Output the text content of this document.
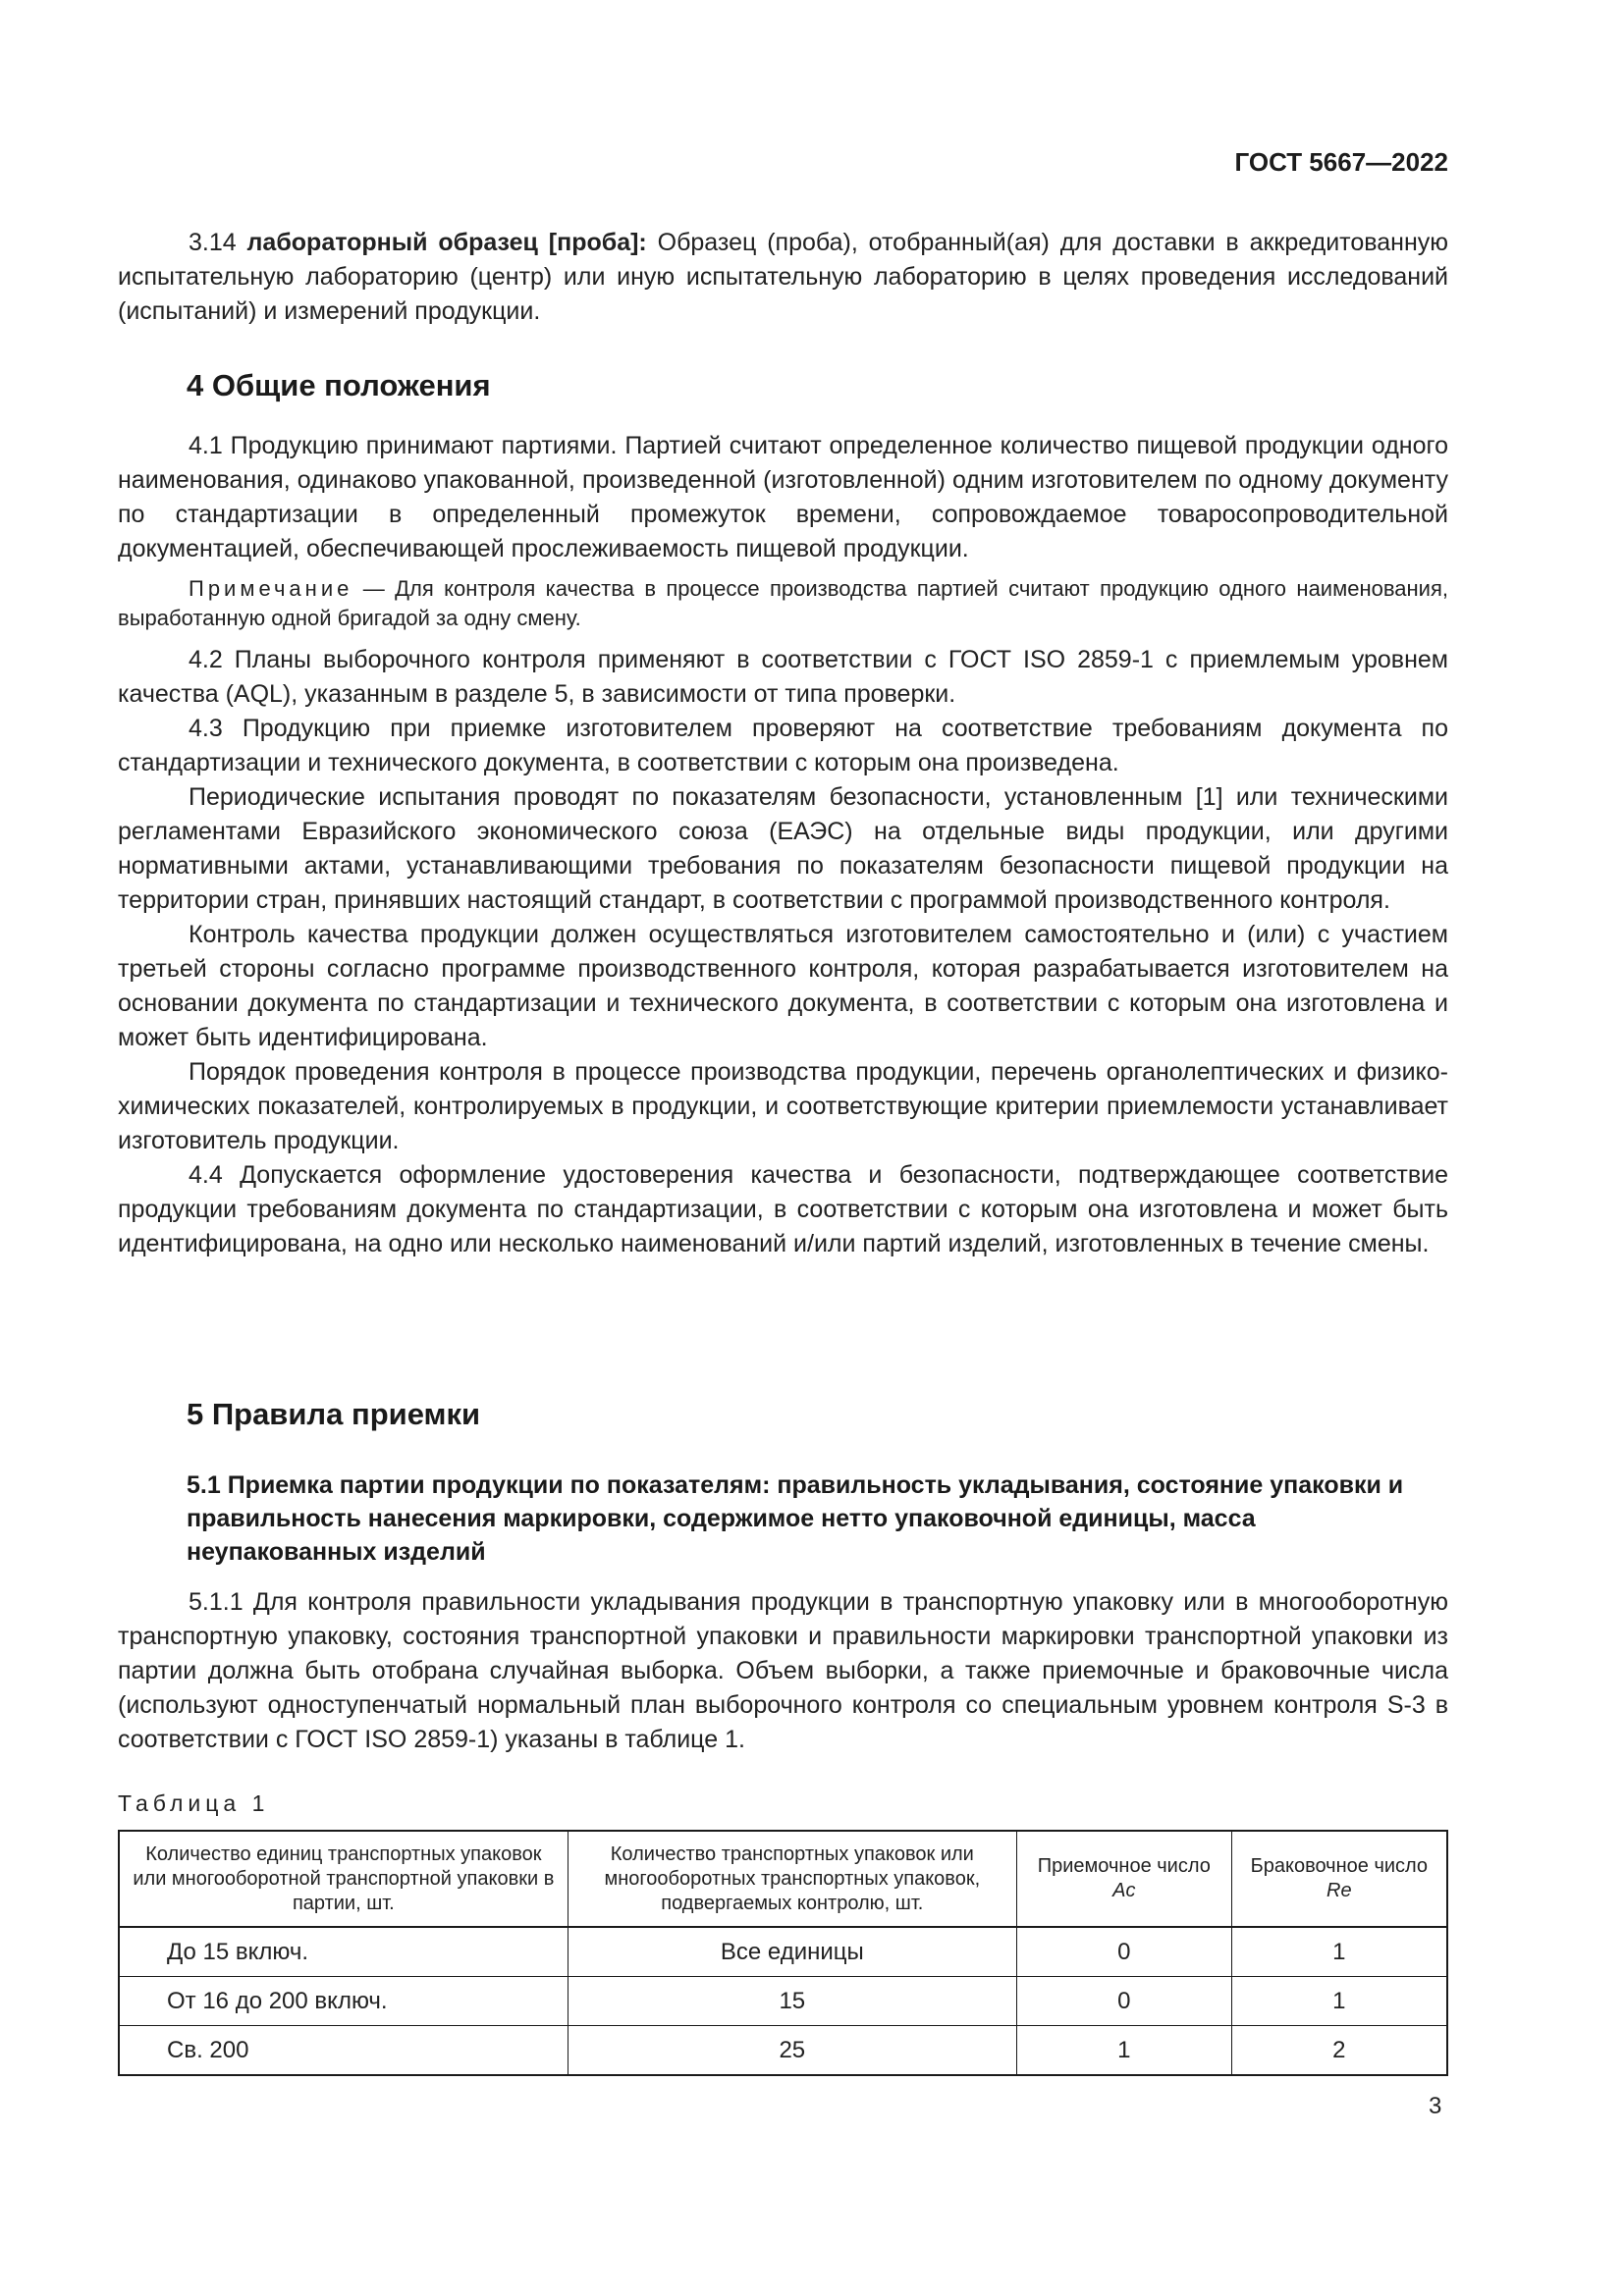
ГОСТ 5667—2022

3.14 лабораторный образец [проба]: Образец (проба), отобранный(ая) для доставки в аккредитованную испытательную лабораторию (центр) или иную испытательную лабораторию в целях проведения исследований (испытаний) и измерений продукции.

4 Общие положения

4.1 Продукцию принимают партиями. Партией считают определенное количество пищевой продукции одного наименования, одинаково упакованной, произведенной (изготовленной) одним изготовителем по одному документу по стандартизации в определенный промежуток времени, сопровождаемое товаросопроводительной документацией, обеспечивающей прослеживаемость пищевой продукции.

Примечание — Для контроля качества в процессе производства партией считают продукцию одного наименования, выработанную одной бригадой за одну смену.

4.2 Планы выборочного контроля применяют в соответствии с ГОСТ ISO 2859-1 с приемлемым уровнем качества (AQL), указанным в разделе 5, в зависимости от типа проверки.

4.3 Продукцию при приемке изготовителем проверяют на соответствие требованиям документа по стандартизации и технического документа, в соответствии с которым она произведена.

Периодические испытания проводят по показателям безопасности, установленным [1] или техническими регламентами Евразийского экономического союза (ЕАЭС) на отдельные виды продукции, или другими нормативными актами, устанавливающими требования по показателям безопасности пищевой продукции на территории стран, принявших настоящий стандарт, в соответствии с программой производственного контроля.

Контроль качества продукции должен осуществляться изготовителем самостоятельно и (или) с участием третьей стороны согласно программе производственного контроля, которая разрабатывается изготовителем на основании документа по стандартизации и технического документа, в соответствии с которым она изготовлена и может быть идентифицирована.

Порядок проведения контроля в процессе производства продукции, перечень органолептических и физико-химических показателей, контролируемых в продукции, и соответствующие критерии приемлемости устанавливает изготовитель продукции.

4.4 Допускается оформление удостоверения качества и безопасности, подтверждающее соответствие продукции требованиям документа по стандартизации, в соответствии с которым она изготовлена и может быть идентифицирована, на одно или несколько наименований и/или партий изделий, изготовленных в течение смены.

5 Правила приемки

5.1 Приемка партии продукции по показателям: правильность укладывания, состояние упаковки и правильность нанесения маркировки, содержимое нетто упаковочной единицы, масса неупакованных изделий

5.1.1 Для контроля правильности укладывания продукции в транспортную упаковку или в многооборотную транспортную упаковку, состояния транспортной упаковки и правильности маркировки транспортной упаковки из партии должна быть отобрана случайная выборка. Объем выборки, а также приемочные и браковочные числа (используют одноступенчатый нормальный план выборочного контроля со специальным уровнем контроля S-3 в соответствии с ГОСТ ISO 2859-1) указаны в таблице 1.

Таблица 1

Количество единиц транспортных упаковок или многооборотной транспортной упаковки в партии, шт.	Количество транспортных упаковок или многооборотных транспортных упаковок, подвергаемых контролю, шт.	Приемочное число Ac	Браковочное число Re
До 15 включ.	Все единицы	0	1
От 16 до 200 включ.	15	0	1
Св. 200	25	1	2
3
